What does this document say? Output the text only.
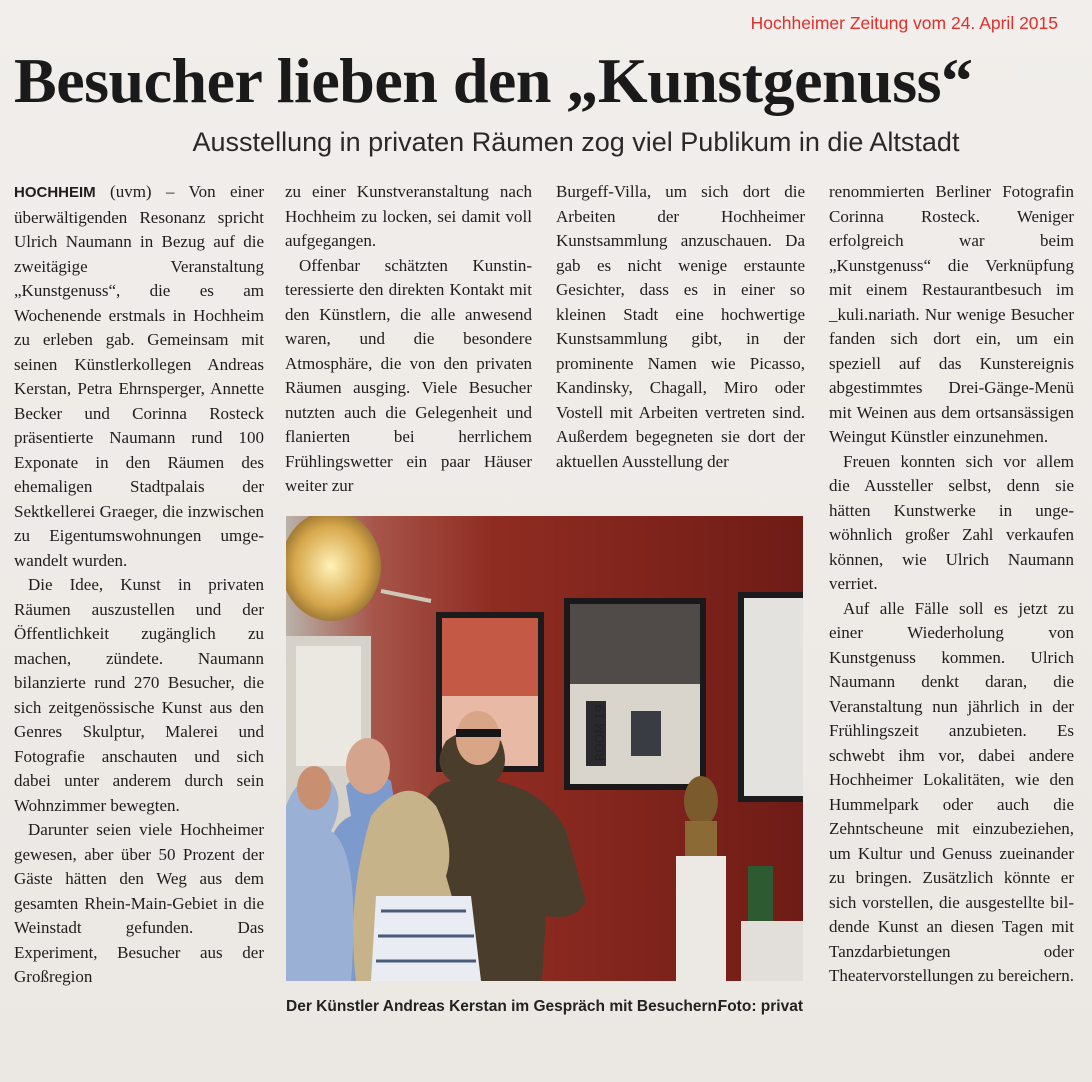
Hochheimer Zeitung vom 24. April 2015
Besucher lieben den „Kunstgenuss“
Ausstellung in privaten Räumen zog viel Publikum in die Altstadt

HOCHHEIM (uvm) – Von einer überwältigenden Resonanz spricht Ulrich Naumann in Bezug auf die zweitägige Veranstaltung „Kunstgenuss“, die es am Wochenende erstmals in Hochheim zu erleben gab. Gemeinsam mit seinen Künstlerkollegen Andreas Kerstan, Petra Ehrnsperger, Annette Becker und Corinna Rosteck präsentierte Naumann rund 100 Exponate in den Räumen des ehemaligen Stadtpalais der Sektkellerei Graeger, die inzwischen zu Eigentumswohnungen umgewandelt wurden.

Die Idee, Kunst in privaten Räumen auszustellen und der Öffentlichkeit zugänglich zu machen, zündete. Naumann bilanzierte rund 270 Besucher, die sich zeitgenössische Kunst aus den Genres Skulptur, Malerei und Fotografie anschauten und sich dabei unter anderem durch sein Wohnzimmer bewegten.

Darunter seien viele Hochheimer gewesen, aber über 50 Prozent der Gäste hätten den Weg aus dem gesamten Rhein-Main-Gebiet in die Weinstadt gefunden. Das Experiment, Besucher aus der Großregion

zu einer Kunstveranstaltung nach Hochheim zu locken, sei damit voll aufgegangen.

Offenbar schätzten Kunstinteressierte den direkten Kontakt mit den Künstlern, die alle anwesend waren, und die besondere Atmosphäre, die von den privaten Räumen ausging. Viele Besucher nutzten auch die Gelegenheit und flanierten bei herrlichem Frühlingswetter ein paar Häuser weiter zur

Burgeff-Villa, um sich dort die Arbeiten der Hochheimer Kunstsammlung anzuschauen. Da gab es nicht wenige erstaunte Gesichter, dass es in einer so kleinen Stadt eine hochwertige Kunstsammlung gibt, in der prominente Namen wie Picasso, Kandinsky, Chagall, Miro oder Vostell mit Arbeiten vertreten sind. Außerdem begegneten sie dort der aktuellen Ausstellung der

renommierten Berliner Fotografin Corinna Rosteck. Weniger erfolgreich war beim „Kunstgenuss“ die Verknüpfung mit einem Restaurantbesuch im _kuli.nariath. Nur wenige Besucher fanden sich dort ein, um ein speziell auf das Kunstereignis abgestimmtes Drei-Gänge-Menü mit Weinen aus dem ortsansässigen Weingut Künstler einzunehmen.

Freuen konnten sich vor allem die Aussteller selbst, denn sie hätten Kunstwerke in ungewöhnlich großer Zahl verkaufen können, wie Ulrich Naumann verriet.

Auf alle Fälle soll es jetzt zu einer Wiederholung von Kunstgenuss kommen. Ulrich Naumann denkt daran, die Veranstaltung nun jährlich in der Frühlingszeit anzubieten. Es schwebt ihm vor, dabei andere Hochheimer Lokalitäten, wie den Hummelpark oder auch die Zehntscheune mit einzubeziehen, um Kultur und Genuss zueinander zu bringen. Zusätzlich könnte er sich vorstellen, die ausgestellte bildende Kunst an diesen Tagen mit Tanzdarbietungen oder Theatervorstellungen zu bereichern.

ROOM 19
Der Künstler Andreas Kerstan im Gespräch mit Besuchern.
Foto: privat
